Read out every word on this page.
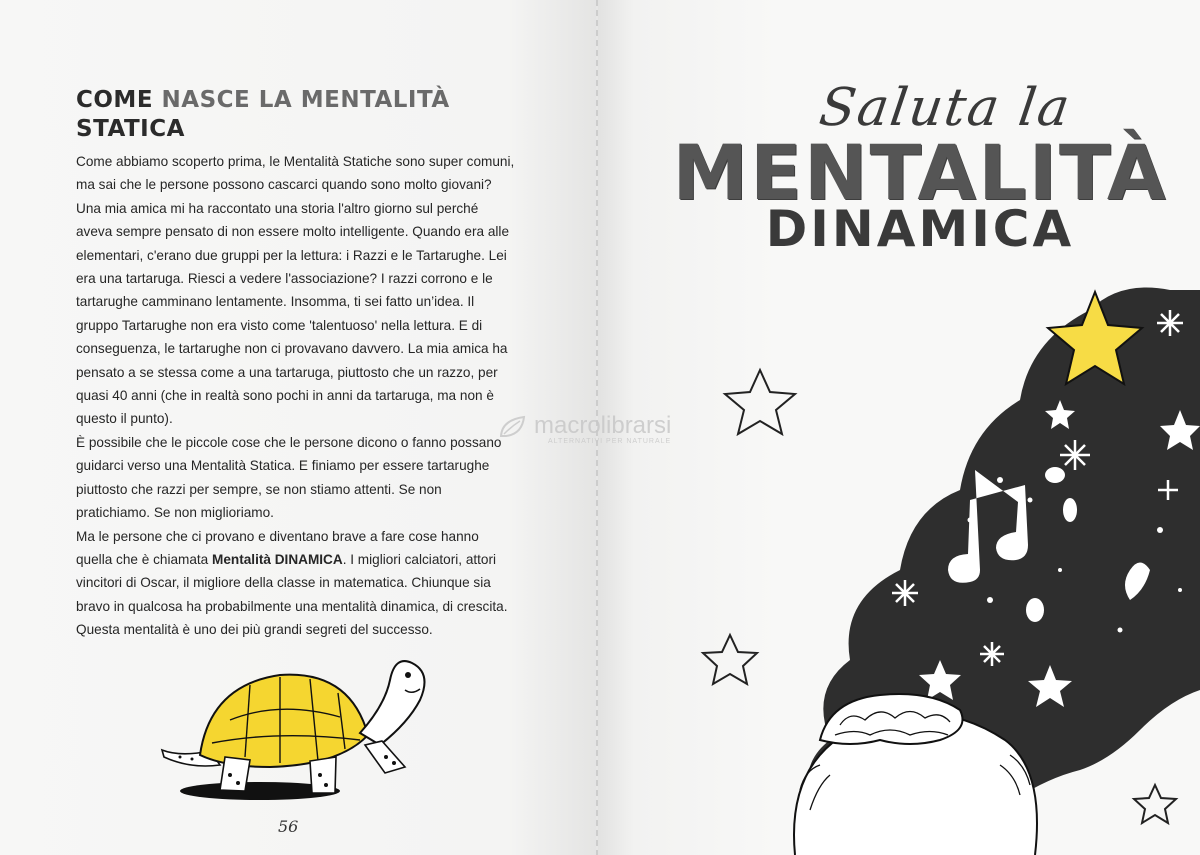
COME NASCE LA MENTALITÀ
STATICA

Come abbiamo scoperto prima, le Mentalità Statiche sono super comuni, ma sai che le persone possono cascarci quando sono molto giovani? Una mia amica mi ha raccontato una storia l'altro giorno sul perché aveva sempre pensato di non essere molto intelligente. Quando era alle elementari, c'erano due gruppi per la lettura: i Razzi e le Tartarughe. Lei era una tartaruga. Riesci a vedere l'associazione? I razzi corrono e le tartarughe camminano lentamente. Insomma, ti sei fatto un’idea. Il gruppo Tartarughe non era visto come 'talentuoso' nella lettura. E di conseguenza, le tartarughe non ci provavano davvero. La mia amica ha pensato a se stessa come a una tartaruga, piuttosto che un razzo, per quasi 40 anni (che in realtà sono pochi in anni da tartaruga, ma non è questo il punto).

È possibile che le piccole cose che le persone dicono o fanno possano guidarci verso una Mentalità Statica. E finiamo per essere tartarughe piuttosto che razzi per sempre, se non stiamo attenti. Se non pratichiamo. Se non miglioriamo.

Ma le persone che ci provano e diventano brave a fare cose hanno quella che è chiamata Mentalità DINAMICA. I migliori calciatori, attori vincitori di Oscar, il migliore della classe in matematica. Chiunque sia bravo in qualcosa ha probabilmente una mentalità dinamica, di crescita. Questa mentalità è uno dei più grandi segreti del successo.

56
Saluta la
MENTALITÀ
DINAMICA
macrolibrarsi
ALTERNATIVI PER NATURALE
